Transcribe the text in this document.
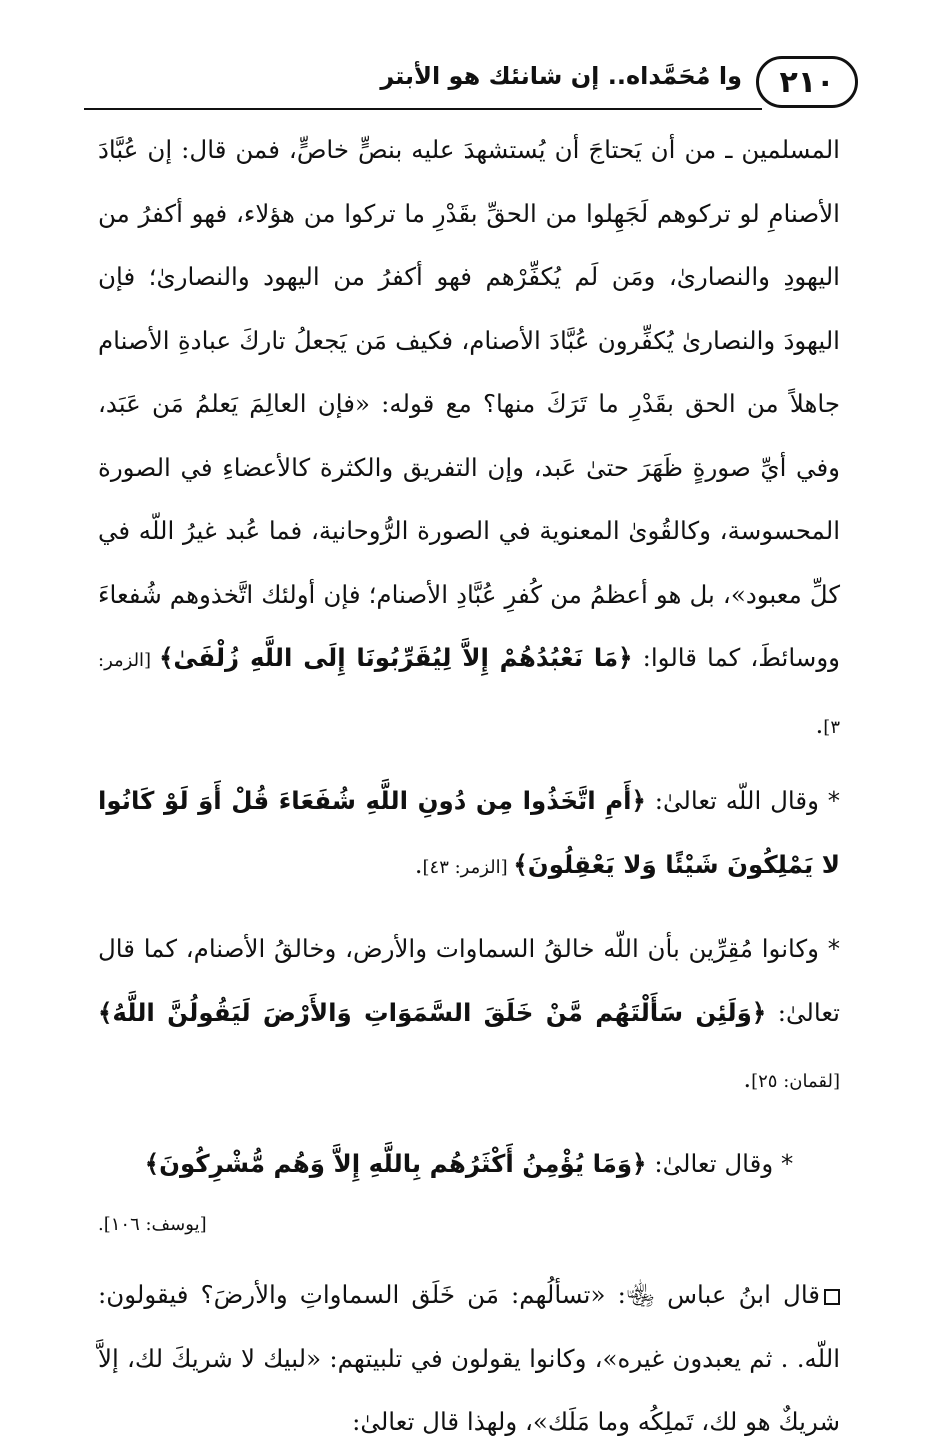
٢١٠
وا مُحَمَّداه.. إن شانئك هو الأبتر

المسلمين ـ من أن يَحتاجَ أن يُستشهدَ عليه بنصٍّ خاصٍّ، فمن قال: إن عُبَّادَ الأصنامِ لو تركوهم لَجَهِلوا من الحقِّ بقَدْرِ ما تركوا من هؤلاء، فهو أكفرُ من اليهودِ والنصارىٰ، ومَن لَم يُكفِّرْهم فهو أكفرُ من اليهود والنصارىٰ؛ فإن اليهودَ والنصارىٰ يُكفِّرون عُبَّادَ الأصنام، فكيف مَن يَجعلُ تاركَ عبادةِ الأصنام جاهلاً من الحق بقَدْرِ ما تَرَكَ منها؟ مع قوله: «فإن العالِمَ يَعلمُ مَن عَبَد، وفي أيِّ صورةٍ ظَهَرَ حتىٰ عَبد، وإن التفريق والكثرة كالأعضاءِ في الصورة المحسوسة، وكالقُوىٰ المعنوية في الصورة الرُّوحانية، فما عُبد غيرُ اللّه في كلِّ معبود»، بل هو أعظمُ من كُفرِ عُبَّادِ الأصنام؛ فإن أولئك اتَّخذوهم شُفعاءَ ووسائطَ، كما قالوا: ﴿مَا نَعْبُدُهُمْ إِلاَّ لِيُقَرِّبُونَا إِلَى اللَّهِ زُلْفَىٰ﴾ [الزمر: ٣].

* وقال اللّه تعالىٰ: ﴿أَمِ اتَّخَذُوا مِن دُونِ اللَّهِ شُفَعَاءَ قُلْ أَوَ لَوْ كَانُوا لا يَمْلِكُونَ شَيْئًا وَلا يَعْقِلُونَ﴾ [الزمر: ٤٣].

* وكانوا مُقِرِّين بأن اللّه خالقُ السماوات والأرض، وخالقُ الأصنام، كما قال تعالىٰ: ﴿وَلَئِن سَأَلْتَهُم مَّنْ خَلَقَ السَّمَوَاتِ وَالأَرْضَ لَيَقُولُنَّ اللَّهُ﴾ [لقمان: ٢٥].

* وقال تعالىٰ: ﴿وَمَا يُؤْمِنُ أَكْثَرُهُم بِاللَّهِ إِلاَّ وَهُم مُّشْرِكُونَ﴾

[يوسف: ١٠٦].

قال ابنُ عباس ﵄: «تسألُهم: مَن خَلَق السماواتِ والأرضَ؟ فيقولون: اللّه. . ثم يعبدون غيره»، وكانوا يقولون في تلبيتهم: «لبيك لا شريكَ لك، إلاَّ شريكٌ هو لك، تَملِكُه وما مَلَك»، ولهذا قال تعالىٰ:
